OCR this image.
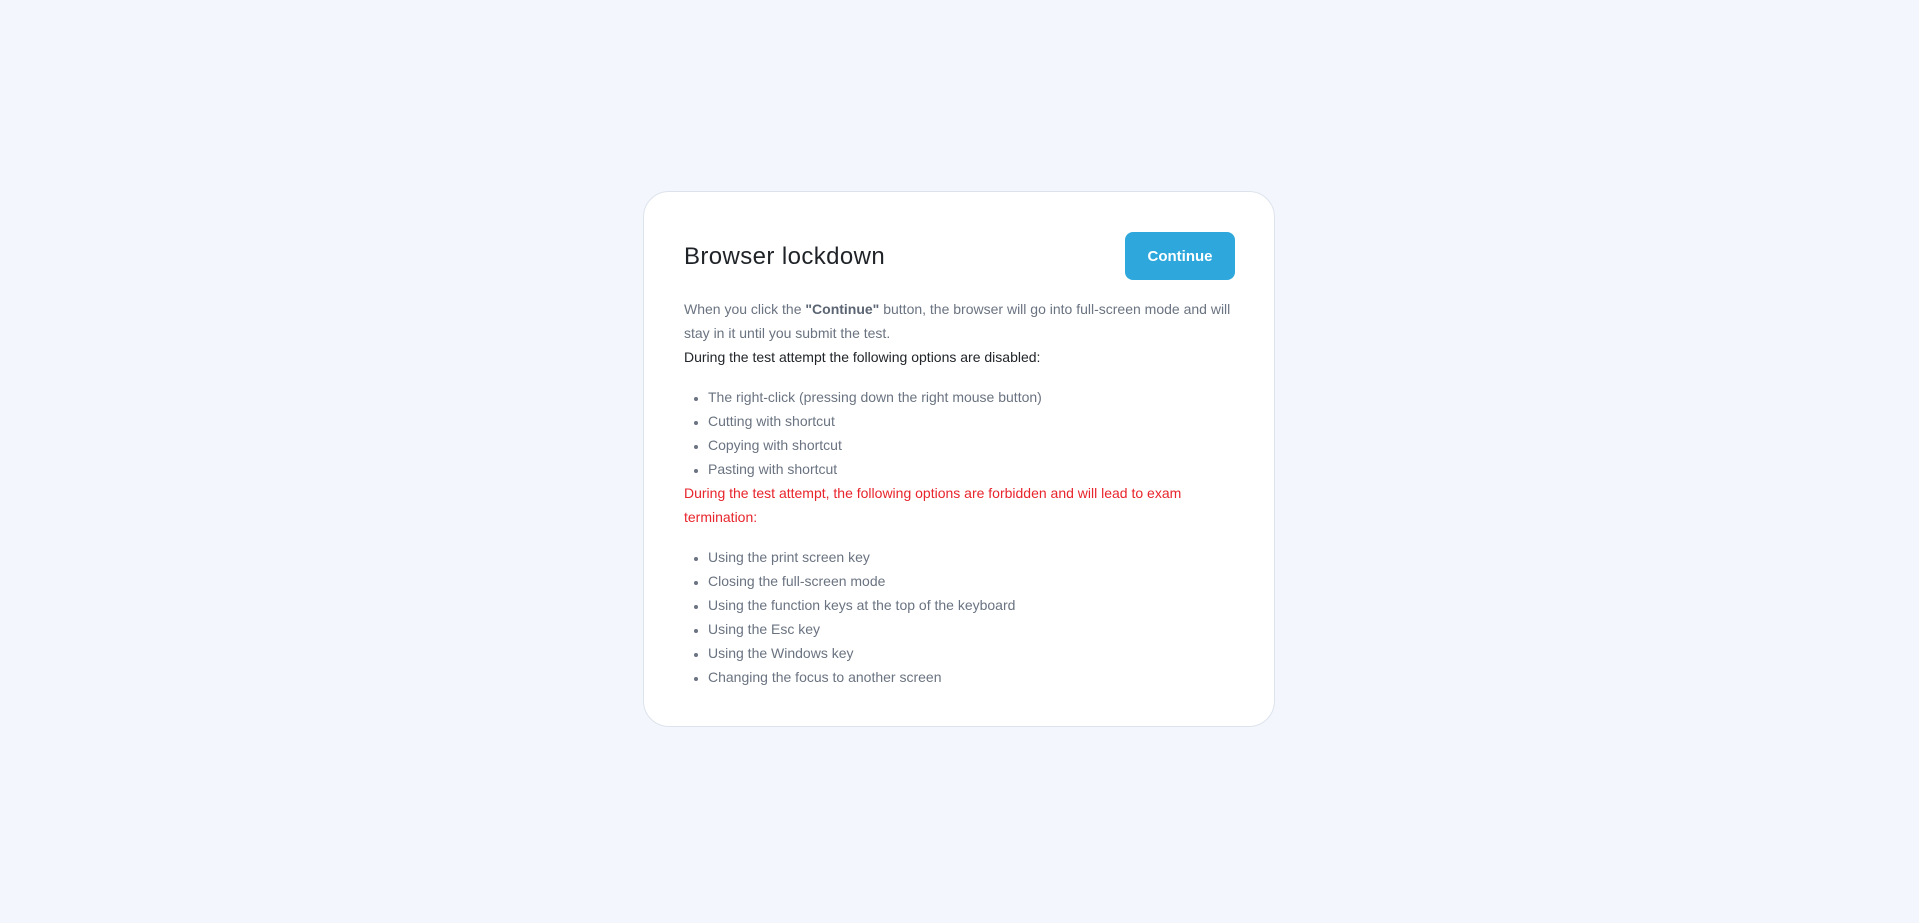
Browser lockdown	Continue

When you click the "Continue" button, the browser will go into full-screen mode and will stay in it until you submit the test.

During the test attempt the following options are disabled:

• The right-click (pressing down the right mouse button)
• Cutting with shortcut
• Copying with shortcut
• Pasting with shortcut

During the test attempt, the following options are forbidden and will lead to exam termination:

• Using the print screen key
• Closing the full-screen mode
• Using the function keys at the top of the keyboard
• Using the Esc key
• Using the Windows key
• Changing the focus to another screen
